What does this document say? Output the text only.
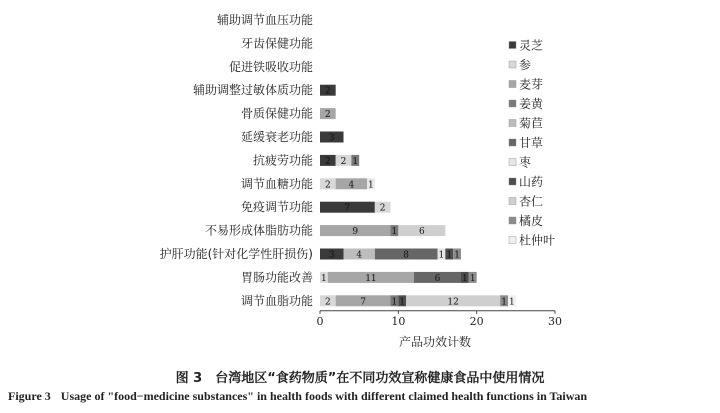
辅助调节血压功能
牙齿保健功能
促进铁吸收功能
辅助调整过敏体质功能
骨质保健功能
延缓衰老功能
抗疲劳功能
调节血糖功能
免疫调节功能
不易形成体脂肪功能
护肝功能(针对化学性肝损伤)
胃肠功能改善
调节血脂功能
2
2
3
2 2 1
2 4 1
7	2
9	1 6
3 4	8	1 1 1
1	11	6 1 1
2	7	1 1	12	1 1
0	10	20	30
产品功效计数
灵芝
参
麦芽
姜黄
菊苣
甘草
枣
山药
杏仁
橘皮
杜仲叶
图 3　台湾地区“食药物质”在不同功效宣称健康食品中使用情况
Figure 3 Usage of "food−medicine substances" in health foods with different claimed health functions in Taiwan
